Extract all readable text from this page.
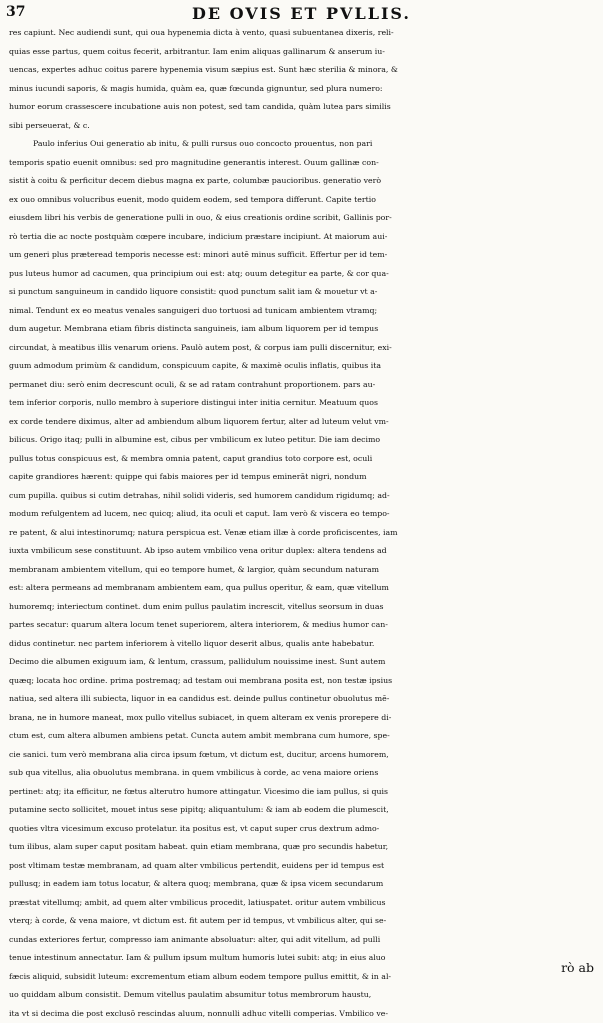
37	DE OVIS ET PVLLIS.
res capiunt. Nec audiendi sunt, qui oua hypenemia dicta à vento, quasi subuentanea dixeris, reli-
quias esse partus, quem coitus fecerit, arbitrantur. Iam enim aliquas gallinarum & anserum iu-
uencas, expertes adhuc coitus parere hypenemia visum sæpius est. Sunt hæc sterilia & minora, &
minus iucundi saporis, & magis humida, quàm ea, quæ fœcunda gignuntur, sed plura numero:
humor eorum crassescere incubatione auis non potest, sed tam candida, quàm lutea pars similis
sibi perseuerat, & c.
Paulo inferius Oui generatio ab initu, & pulli rursus ouo concocto prouentus, non pari
temporis spatio euenit omnibus: sed pro magnitudine generantis interest. Ouum gallinæ con-
sistit à coitu & perficitur decem diebus magna ex parte, columbæ paucioribus. generatio verò
ex ouo omnibus volucribus euenit, modo quidem eodem, sed tempora differunt. Capite tertio
eiusdem libri his verbis de generatione pulli in ouo, & eius creationis ordine scribit, Gallinis por-
rò tertia die ac nocte postquàm cœpere incubare, indicium præstare incipiunt. At maiorum aui-
um generi plus præteread temporis necesse est: minori autē minus sufficit. Effertur per id tem-
pus luteus humor ad cacumen, qua principium oui est: atq; ouum detegitur ea parte, & cor qua-
si punctum sanguineum in candido liquore consistit: quod punctum salit iam & mouetur vt a-
nimal. Tendunt ex eo meatus venales sanguigeri duo tortuosi ad tunicam ambientem vtramq;
dum augetur. Membrana etiam fibris distincta sanguineis, iam album liquorem per id tempus
circundat, à meatibus illis venarum oriens. Paulò autem post, & corpus iam pulli discernitur, exi-
guum admodum primùm & candidum, conspicuum capite, & maximè oculis inflatis, quibus ita
permanet diu: serò enim decrescunt oculi, & se ad ratam contrahunt proportionem. pars au-
tem inferior corporis, nullo membro à superiore distingui inter initia cernitur. Meatuum quos
ex corde tendere diximus, alter ad ambiendum album liquorem fertur, alter ad luteum velut vm-
bilicus. Origo itaq; pulli in albumine est, cibus per vmbilicum ex luteo petitur. Die iam decimo
pullus totus conspicuus est, & membra omnia patent, caput grandius toto corpore est, oculi
capite grandiores hærent: quippe qui fabis maiores per id tempus eminerāt nigri, nondum
cum pupilla. quibus si cutim detrahas, nihil solidi videris, sed humorem candidum rigidumq; ad-
modum refulgentem ad lucem, nec quicq; aliud, ita oculi et caput. Iam verò & viscera eo tempo-
re patent, & alui intestinorumq; natura perspicua est. Venæ etiam illæ à corde proficiscentes, iam
iuxta vmbilicum sese constituunt. Ab ipso autem vmbilico vena oritur duplex: altera tendens ad
membranam ambientem vitellum, qui eo tempore humet, & largior, quàm secundum naturam
est: altera permeans ad membranam ambientem eam, qua pullus operitur, & eam, quæ vitellum
humoremq; interiectum continet. dum enim pullus paulatim increscit, vitellus seorsum in duas
partes secatur: quarum altera locum tenet superiorem, altera interiorem, & medius humor can-
didus continetur. nec partem inferiorem à vitello liquor deserit albus, qualis ante habebatur.
Decimo die albumen exiguum iam, & lentum, crassum, pallidulum nouissime inest. Sunt autem
quæq; locata hoc ordine. prima postremaq; ad testam oui membrana posita est, non testæ ipsius
natiua, sed altera illi subiecta, liquor in ea candidus est. deinde pullus continetur obuolutus mē-
brana, ne in humore maneat, mox pullo vitellus subiacet, in quem alteram ex venis prorepere di-
ctum est, cum altera albumen ambiens petat. Cuncta autem ambit membrana cum humore, spe-
cie sanici. tum verò membrana alia circa ipsum fœtum, vt dictum est, ducitur, arcens humorem,
sub qua vitellus, alia obuolutus membrana. in quem vmbilicus à corde, ac vena maiore oriens
pertinet: atq; ita efficitur, ne fœtus alterutro humore attingatur. Vicesimo die iam pullus, si quis
putamine secto sollicitet, mouet intus sese pipitq; aliquantulum: & iam ab eodem die plumescit,
quoties vltra vicesimum excuso protelatur. ita positus est, vt caput super crus dextrum admo-
tum ilibus, alam super caput positam habeat. quin etiam membrana, quæ pro secundis habetur,
post vltimam testæ membranam, ad quam alter vmbilicus pertendit, euidens per id tempus est
pullusq; in eadem iam totus locatur, & altera quoq; membrana, quæ & ipsa vicem secundarum
præstat vitellumq; ambit, ad quem alter vmbilicus procedit, latiuspatet. oritur autem vmbilicus
vterq; à corde, & vena maiore, vt dictum est. fit autem per id tempus, vt vmbilicus alter, qui se-
cundas exteriores fertur, compresso iam animante absoluatur: alter, qui adit vitellum, ad pulli
tenue intestinum annectatur. Iam & pullum ipsum multum humoris lutei subit: atq; in eius aluo
fæcis aliquid, subsidit luteum: excrementum etiam album eodem tempore pullus emittit, & in al-
uo quiddam album consistit. Demum vitellus paulatim absumitur totus membrorum haustu,
ita vt si decima die post exclusō rescindas aluum, nonnulli adhuc vitelli comperias. Vmbilico ve-
rò ab
